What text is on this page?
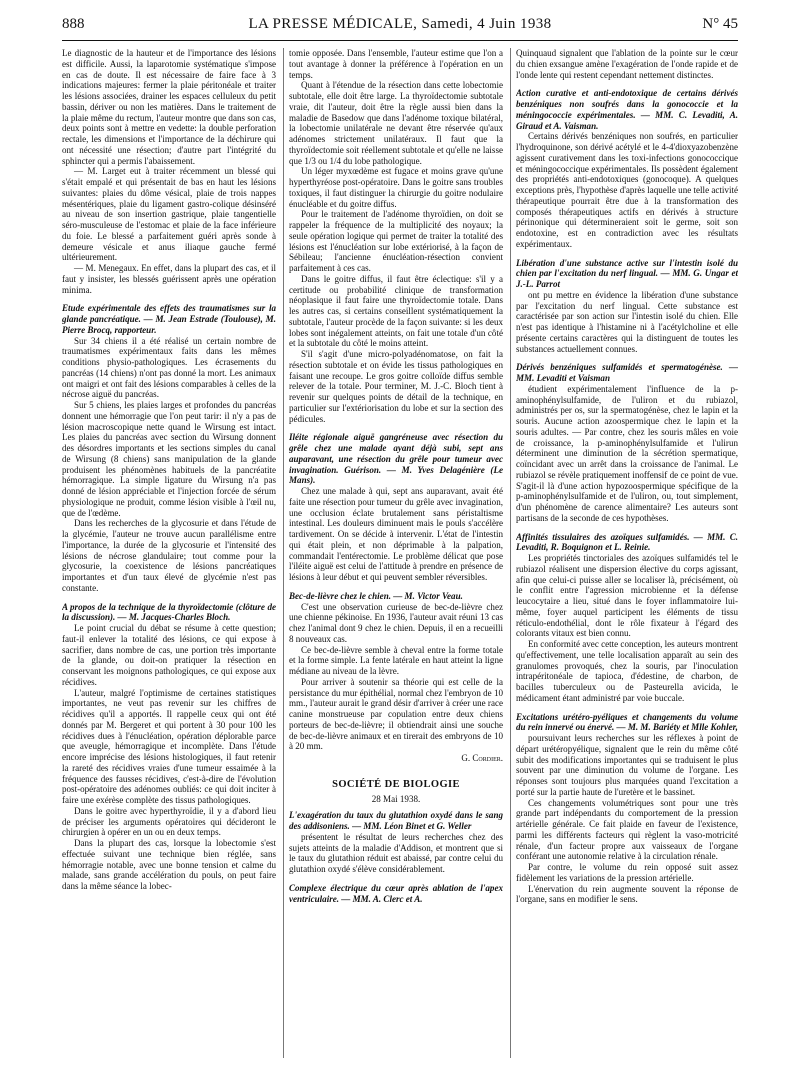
888	LA PRESSE MÉDICALE, Samedi, 4 Juin 1938	N° 45

Le diagnostic de la hauteur et de l'importance des lésions est difficile. Aussi, la laparotomie systématique s'impose en cas de doute. Il est nécessaire de faire face à 3 indications majeures: fermer la plaie péritonéale et traiter les lésions associées, drainer les espaces celluleux du petit bassin, dériver ou non les matières. Dans le traitement de la plaie même du rectum, l'auteur montre que dans son cas, deux points sont à mettre en vedette: la double perforation rectale, les dimensions et l'importance de la déchirure qui ont nécessité une résection; d'autre part l'intégrité du sphincter qui a permis l'abaissement.

— M. Larget eut à traiter récemment un blessé qui s'était empalé et qui présentait de bas en haut les lésions suivantes: plaies du dôme vésical, plaie de trois nappes mésentériques, plaie du ligament gastro-colique désinséré au niveau de son insertion gastrique, plaie tangentielle séro-musculeuse de l'estomac et plaie de la face inférieure du foie. Le blessé a parfaitement guéri après sonde à demeure vésicale et anus iliaque gauche fermé ultérieurement.

— M. Menegaux. En effet, dans la plupart des cas, et il faut y insister, les blessés guérissent après une opération minima.

Etude expérimentale des effets des traumatismes sur la glande pancréatique. — M. Jean Estrade (Toulouse), M. Pierre Brocq, rapporteur.

Sur 34 chiens il a été réalisé un certain nombre de traumatismes expérimentaux faits dans les mêmes conditions physio-pathologiques. Les écrasements du pancréas (14 chiens) n'ont pas donné la mort. Les animaux ont maigri et ont fait des lésions comparables à celles de la nécrose aiguë du pancréas.

Sur 5 chiens, les plaies larges et profondes du pancréas donnent une hémorragie que l'on peut tarir: il n'y a pas de lésion macroscopique nette quand le Wirsung est intact. Les plaies du pancréas avec section du Wirsung donnent des désordres importants et les sections simples du canal de Wirsung (8 chiens) sans manipulation de la glande produisent les phénomènes habituels de la pancréatite hémorragique. La simple ligature du Wirsung n'a pas donné de lésion appréciable et l'injection forcée de sérum physiologique ne produit, comme lésion visible à l'œil nu, que de l'œdème.

Dans les recherches de la glycosurie et dans l'étude de la glycémie, l'auteur ne trouve aucun parallélisme entre l'importance, la durée de la glycosurie et l'intensité des lésions de nécrose glandulaire; tout comme pour la glycosurie, la coexistence de lésions pancréatiques importantes et d'un taux élevé de glycémie n'est pas constante.

A propos de la technique de la thyroïdectomie (clôture de la discussion). — M. Jacques-Charles Bloch.

Le point crucial du débat se résume à cette question; faut-il enlever la totalité des lésions, ce qui expose à sacrifier, dans nombre de cas, une portion très importante de la glande, ou doit-on pratiquer la résection en conservant les moignons pathologiques, ce qui expose aux récidives.

L'auteur, malgré l'optimisme de certaines statistiques importantes, ne veut pas revenir sur les chiffres de récidives qu'il a apportés. Il rappelle ceux qui ont été donnés par M. Bergeret et qui portent à 30 pour 100 les récidives dues à l'énucléation, opération déplorable parce que aveugle, hémorragique et incomplète. Dans l'étude encore imprécise des lésions histologiques, il faut retenir la rareté des récidives vraies d'une tumeur essaimée à la fréquence des fausses récidives, c'est-à-dire de l'évolution post-opératoire des adénomes oubliés: ce qui doit inciter à faire une exérèse complète des tissus pathologiques.

Dans le goitre avec hyperthyroïdie, il y a d'abord lieu de préciser les arguments opératoires qui décideront le chirurgien à opérer en un ou en deux temps.

Dans la plupart des cas, lorsque la lobectomie s'est effectuée suivant une technique bien réglée, sans hémorragie notable, avec une bonne tension et calme du malade, sans grande accélération du pouls, on peut faire dans la même séance la lobec-

tomie opposée. Dans l'ensemble, l'auteur estime que l'on a tout avantage à donner la préférence à l'opération en un temps.

Quant à l'étendue de la résection dans cette lobectomie subtotale, elle doit être large. La thyroïdectomie subtotale vraie, dit l'auteur, doit être la règle aussi bien dans la maladie de Basedow que dans l'adénome toxique bilatéral, la lobectomie unilatérale ne devant être réservée qu'aux adénomes strictement unilatéraux. Il faut que la thyroïdectomie soit réellement subtotale et qu'elle ne laisse que 1/3 ou 1/4 du lobe pathologique.

Un léger myxœdème est fugace et moins grave qu'une hyperthyréose post-opératoire. Dans le goitre sans troubles toxiques, il faut distinguer la chirurgie du goitre nodulaire énucléable et du goitre diffus.

Pour le traitement de l'adénome thyroïdien, on doit se rappeler la fréquence de la multiplicité des noyaux; la seule opération logique qui permet de traiter la totalité des lésions est l'énucléation sur lobe extériorisé, à la façon de Sébileau; l'ancienne énucléation-résection convient parfaitement à ces cas.

Dans le goitre diffus, il faut être éclectique: s'il y a certitude ou probabilité clinique de transformation néoplasique il faut faire une thyroïdectomie totale. Dans les autres cas, si certains conseillent systématiquement la subtotale, l'auteur procède de la façon suivante: si les deux lobes sont inégalement atteints, on fait une totale d'un côté et la subtotale du côté le moins atteint.

S'il s'agit d'une micro-polyadénomatose, on fait la résection subtotale et on évide les tissus pathologiques en faisant une recoupe. Le gros goitre colloïde diffus semble relever de la totale. Pour terminer, M. J.-C. Bloch tient à revenir sur quelques points de détail de la technique, en particulier sur l'extériorisation du lobe et sur la section des pédicules.

Iléite régionale aiguë gangréneuse avec résection du grêle chez une malade ayant déjà subi, sept ans auparavant, une résection du grêle pour tumeur avec invagination. Guérison. — M. Yves Delagénière (Le Mans).

Chez une malade à qui, sept ans auparavant, avait été faite une résection pour tumeur du grêle avec invagination, une occlusion éclate brutalement sans péristaltisme intestinal. Les douleurs diminuent mais le pouls s'accélère tardivement. On se décide à intervenir. L'état de l'intestin qui était plein, et non déprimable à la palpation, commandait l'entérectomie. Le problème délicat que pose l'iléite aiguë est celui de l'attitude à prendre en présence de lésions à leur début et qui peuvent sembler réversibles.

Bec-de-lièvre chez le chien. — M. Victor Veau.

C'est une observation curieuse de bec-de-lièvre chez une chienne pékinoise. En 1936, l'auteur avait réuni 13 cas chez l'animal dont 9 chez le chien. Depuis, il en a recueilli 8 nouveaux cas.

Ce bec-de-lièvre semble à cheval entre la forme totale et la forme simple. La fente latérale en haut atteint la ligne médiane au niveau de la lèvre.

Pour arriver à soutenir sa théorie qui est celle de la persistance du mur épithélial, normal chez l'embryon de 10 mm., l'auteur aurait le grand désir d'arriver à créer une race canine monstrueuse par copulation entre deux chiens porteurs de bec-de-lièvre; il obtiendrait ainsi une souche de bec-de-lièvre animaux et en tirerait des embryons de 10 à 20 mm.

G. Cordier.

SOCIÉTÉ DE BIOLOGIE

28 Mai 1938.

L'exagération du taux du glutathion oxydé dans le sang des addisoniens. — MM. Léon Binet et G. Weller

présentent le résultat de leurs recherches chez des sujets atteints de la maladie d'Addison, et montrent que si le taux du glutathion réduit est abaissé, par contre celui du glutathion oxydé s'élève considérablement.

Complexe électrique du cœur après ablation de l'apex ventriculaire. — MM. A. Clerc et A.

Quinquaud signalent que l'ablation de la pointe sur le cœur du chien exsangue amène l'exagération de l'onde rapide et de l'onde lente qui restent cependant nettement distinctes.

Action curative et anti-endotoxique de certains dérivés benzéniques non soufrés dans la gonococcie et la méningococcie expérimentales. — MM. C. Levaditi, A. Giraud et A. Vaisman.

Certains dérivés benzéniques non soufrés, en particulier l'hydroquinone, son dérivé acétylé et le 4-4'dioxyazobenzène agissent curativement dans les toxi-infections gonococcique et méningococcique expérimentales. Ils possèdent également des propriétés anti-endotoxiques (gonocoque). A quelques exceptions près, l'hypothèse d'après laquelle une telle activité thérapeutique pourrait être due à la transformation des composés thérapeutiques actifs en dérivés à structure périnonique qui détermineraient soit le germe, soit son endotoxine, est en contradiction avec les résultats expérimentaux.

Libération d'une substance active sur l'intestin isolé du chien par l'excitation du nerf lingual. — MM. G. Ungar et J.-L. Parrot

ont pu mettre en évidence la libération d'une substance par l'excitation du nerf lingual. Cette substance est caractérisée par son action sur l'intestin isolé du chien. Elle n'est pas identique à l'histamine ni à l'acétylcholine et elle présente certains caractères qui la distinguent de toutes les substances actuellement connues.

Dérivés benzéniques sulfamidés et spermatogénèse. — MM. Levaditi et Vaisman

étudient expérimentalement l'influence de la p-aminophénylsulfamide, de l'uliron et du rubiazol, administrés per os, sur la spermatogénèse, chez le lapin et la souris. Aucune action azoospermique chez le lapin et la souris adultes. — Par contre, chez les souris mâles en voie de croissance, la p-aminophénylsulfamide et l'ulirun déterminent une diminution de la sécrétion spermatique, coïncidant avec un arrêt dans la croissance de l'animal. Le rubiazol se révèle pratiquement inoffensif de ce point de vue. S'agit-il là d'une action hypozoospermique spécifique de la p-aminophénylsulfamide et de l'uliron, ou, tout simplement, d'un phénomène de carence alimentaire? Les auteurs sont partisans de la seconde de ces hypothèses.

Affinités tissulaires des azoïques sulfamidés. — MM. C. Levaditi, R. Boquignon et L. Reinie.

Les propriétés tinctoriales des azoïques sulfamidés tel le rubiazol réalisent une dispersion élective du corps agissant, afin que celui-ci puisse aller se localiser là, précisément, où le conflit entre l'agression microbienne et la défense leucocytaire a lieu, situé dans le foyer inflammatoire lui-même, foyer auquel participent les éléments de tissu réticulo-endothélial, dont le rôle fixateur à l'égard des colorants vitaux est bien connu.

En conformité avec cette conception, les auteurs montrent qu'effectivement, une telle localisation apparaît au sein des granulomes provoqués, chez la souris, par l'inoculation intrapéritonéale de tapioca, d'édestine, de charbon, de bacilles tuberculeux ou de Pasteurella avicida, le médicament étant administré par voie buccale.

Excitations urétéro-pyéliques et changements du volume du rein innervé ou énervé. — M. M. Bariéty et Mlle Kohler,

poursuivant leurs recherches sur les réflexes à point de départ urétéropyélique, signalent que le rein du même côté subit des modifications importantes qui se traduisent le plus souvent par une diminution du volume de l'organe. Les réponses sont toujours plus marquées quand l'excitation a porté sur la partie haute de l'uretère et le bassinet.

Ces changements volumétriques sont pour une très grande part indépendants du comportement de la pression artérielle générale. Ce fait plaide en faveur de l'existence, parmi les différents facteurs qui règlent la vaso-motricité rénale, d'un facteur propre aux vaisseaux de l'organe conférant une autonomie relative à la circulation rénale.

Par contre, le volume du rein opposé suit assez fidèlement les variations de la pression artérielle.

L'énervation du rein augmente souvent la réponse de l'organe, sans en modifier le sens.
